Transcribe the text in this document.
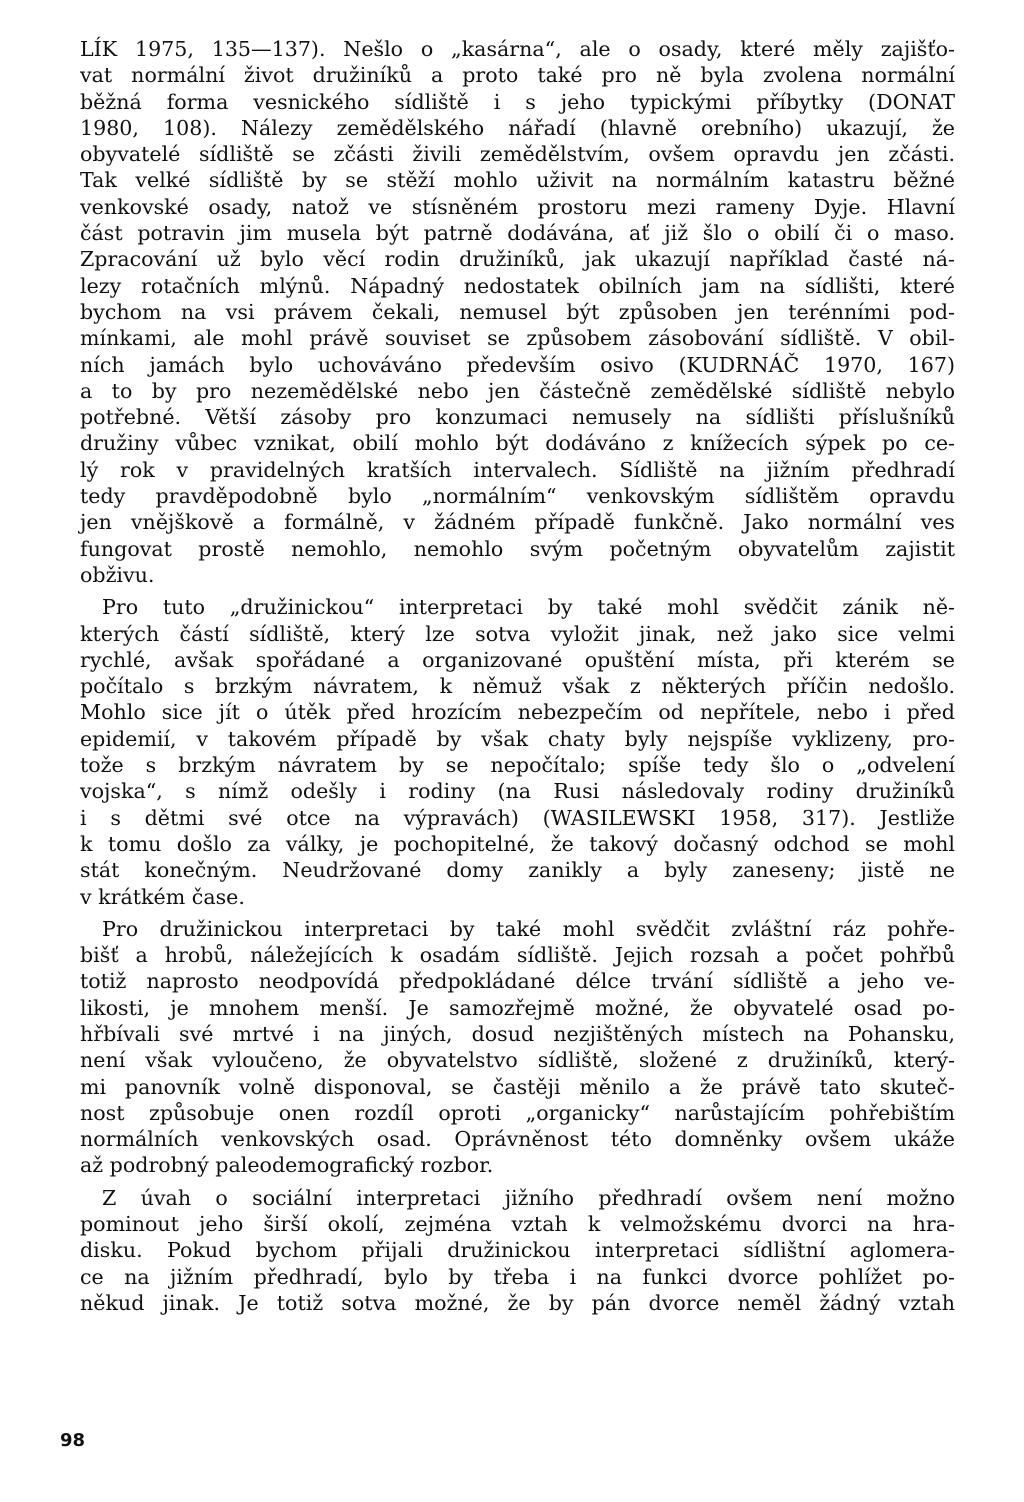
LÍK 1975, 135—137). Nešlo o „kasárna“, ale o osady, které měly zajišťo-
vat normální život družiníků a proto také pro ně byla zvolena normální
běžná forma vesnického sídliště i s jeho typickými příbytky (DONAT
1980, 108). Nálezy zemědělského nářadí (hlavně orebního) ukazují, že
obyvatelé sídliště se zčásti živili zemědělstvím, ovšem opravdu jen zčásti.
Tak velké sídliště by se stěží mohlo uživit na normálním katastru běžné
venkovské osady, natož ve stísněném prostoru mezi rameny Dyje. Hlavní
část potravin jim musela být patrně dodávána, ať již šlo o obilí či o maso.
Zpracování už bylo věcí rodin družiníků, jak ukazují například časté ná-
lezy rotačních mlýnů. Nápadný nedostatek obilních jam na sídlišti, které
bychom na vsi právem čekali, nemusel být způsoben jen terénními pod-
mínkami, ale mohl právě souviset se způsobem zásobování sídliště. V obil-
ních jamách bylo uchováváno především osivo (KUDRNÁČ 1970, 167)
a to by pro nezemědělské nebo jen částečně zemědělské sídliště nebylo
potřebné. Větší zásoby pro konzumaci nemusely na sídlišti příslušníků
družiny vůbec vznikat, obilí mohlo být dodáváno z knížecích sýpek po ce-
lý rok v pravidelných kratších intervalech. Sídliště na jižním předhradí
tedy pravděpodobně bylo „normálním“ venkovským sídlištěm opravdu
jen vnějškově a formálně, v žádném případě funkčně. Jako normální ves
fungovat prostě nemohlo, nemohlo svým početným obyvatelům zajistit
obživu.
Pro tuto „družinickou“ interpretaci by také mohl svědčit zánik ně-
kterých částí sídliště, který lze sotva vyložit jinak, než jako sice velmi
rychlé, avšak spořádané a organizované opuštění místa, při kterém se
počítalo s brzkým návratem, k němuž však z některých příčin nedošlo.
Mohlo sice jít o útěk před hrozícím nebezpečím od nepřítele, nebo i před
epidemií, v takovém případě by však chaty byly nejspíše vyklizeny, pro-
tože s brzkým návratem by se nepočítalo; spíše tedy šlo o „odvelení
vojska“, s nímž odešly i rodiny (na Rusi následovaly rodiny družiníků
i s dětmi své otce na výpravách) (WASILEWSKI 1958, 317). Jestliže
k tomu došlo za války, je pochopitelné, že takový dočasný odchod se mohl
stát konečným. Neudržované domy zanikly a byly zaneseny; jistě ne
v krátkém čase.
Pro družinickou interpretaci by také mohl svědčit zvláštní ráz pohře-
bišť a hrobů, náležejících k osadám sídliště. Jejich rozsah a počet pohřbů
totiž naprosto neodpovídá předpokládané délce trvání sídliště a jeho ve-
likosti, je mnohem menší. Je samozřejmě možné, že obyvatelé osad po-
hřbívali své mrtvé i na jiných, dosud nezjištěných místech na Pohansku,
není však vyloučeno, že obyvatelstvo sídliště, složené z družiníků, který-
mi panovník volně disponoval, se častěji měnilo a že právě tato skuteč-
nost způsobuje onen rozdíl oproti „organicky“ narůstajícím pohřebištím
normálních venkovských osad. Oprávněnost této domněnky ovšem ukáže
až podrobný paleodemografický rozbor.
Z úvah o sociální interpretaci jižního předhradí ovšem není možno
pominout jeho širší okolí, zejména vztah k velmožskému dvorci na hra-
disku. Pokud bychom přijali družinickou interpretaci sídlištní aglomera-
ce na jižním předhradí, bylo by třeba i na funkci dvorce pohlížet po-
někud jinak. Je totiž sotva možné, že by pán dvorce neměl žádný vztah
98
